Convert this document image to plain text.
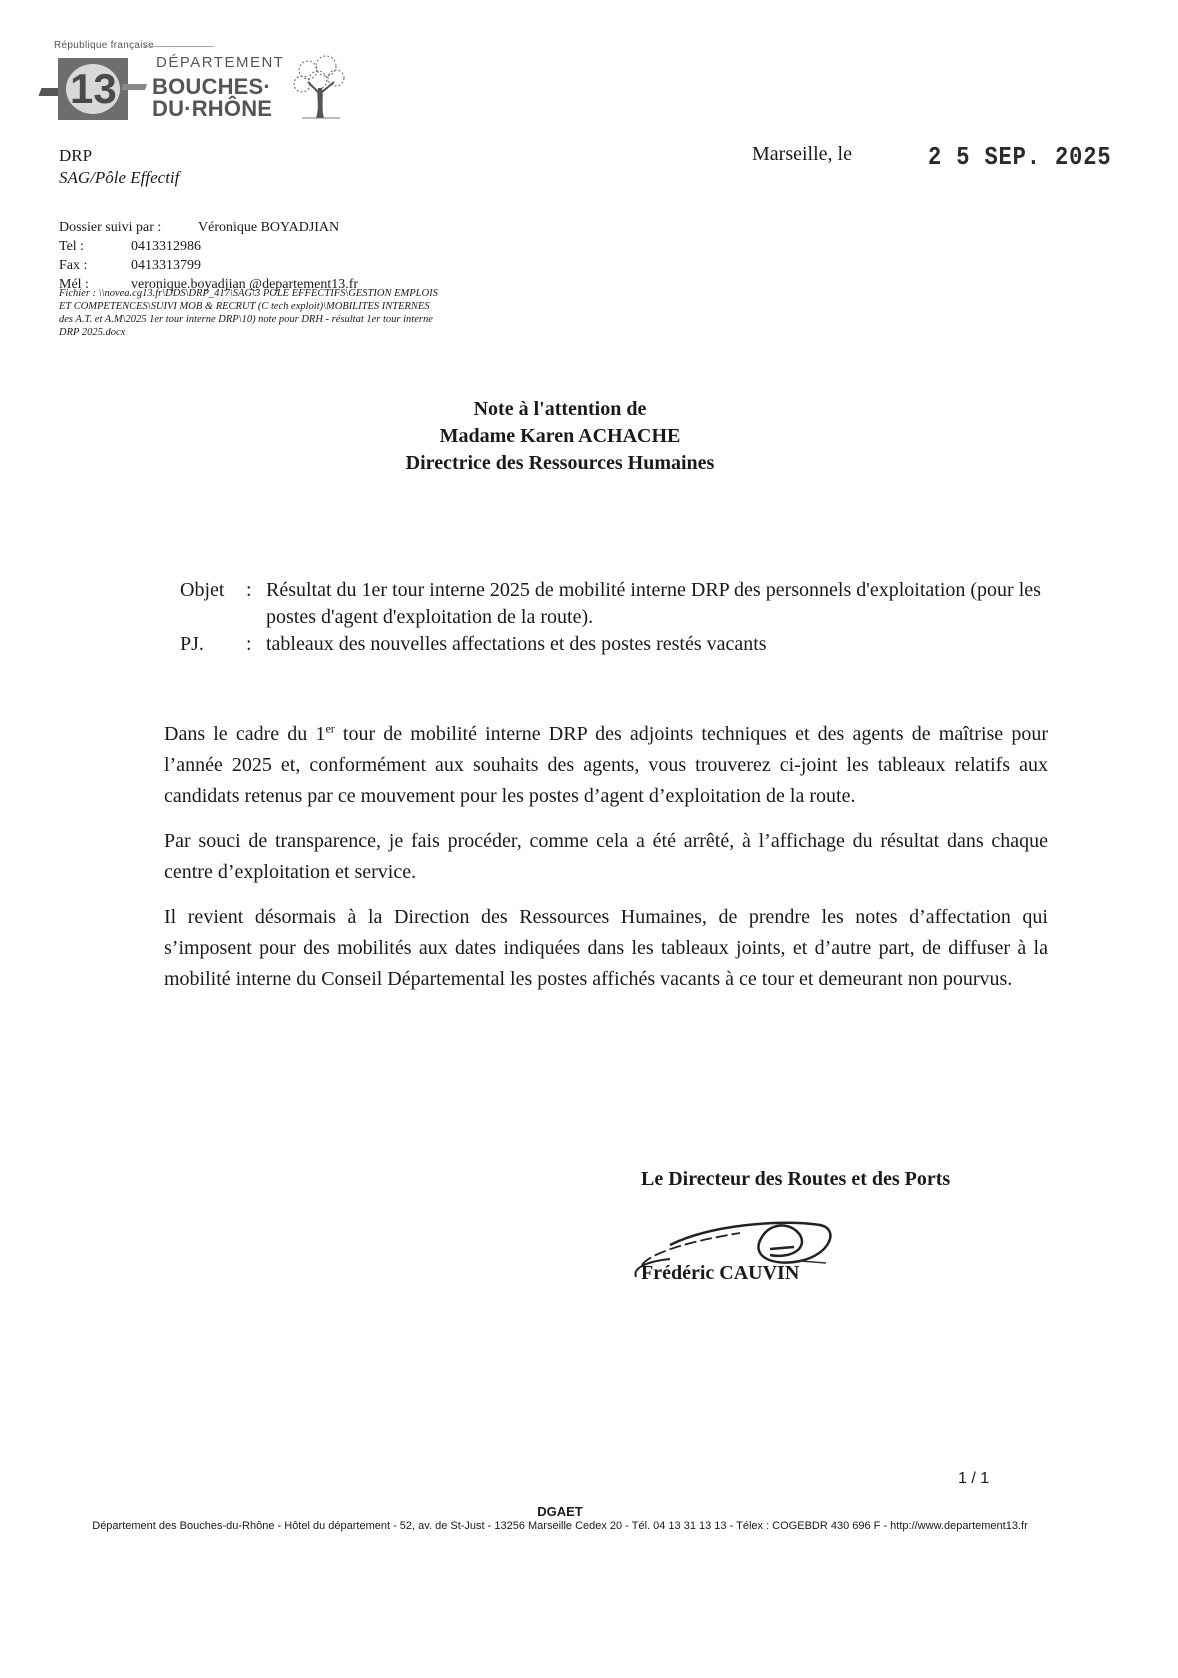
République française
13
DÉPARTEMENT
BOUCHES·
DU·RHÔNE
DRP
SAG/Pôle Effectif
Dossier suivi par :	Véronique BOYADJIAN
Tel :	0413312986
Fax :	0413313799
Mél :	veronique.boyadjian @departement13.fr
Fichier : \\novea.cg13.fr\DDS\DRP_417\SAG\3 POLE EFFECTIFS\GESTION EMPLOIS ET COMPETENCES\SUIVI MOB & RECRUT (C tech exploit)\MOBILITES INTERNES des A.T. et A.M\2025 1er tour interne DRP\10) note pour DRH - résultat 1er tour interne DRP 2025.docx
Marseille, le	2 5 SEP. 2025
Note à l'attention de
Madame Karen ACHACHE
Directrice des Ressources Humaines
Objet	: Résultat du 1er tour interne 2025 de mobilité interne DRP des personnels d'exploitation (pour les postes d'agent d'exploitation de la route).
PJ.	: tableaux des nouvelles affectations et des postes restés vacants

Dans le cadre du 1er tour de mobilité interne DRP des adjoints techniques et des agents de maîtrise pour l’année 2025 et, conformément aux souhaits des agents, vous trouverez ci-joint les tableaux relatifs aux candidats retenus par ce mouvement pour les postes d’agent d’exploitation de la route.

Par souci de transparence, je fais procéder, comme cela a été arrêté, à l’affichage du résultat dans chaque centre d’exploitation et service.

Il revient désormais à la Direction des Ressources Humaines, de prendre les notes d’affectation qui s’imposent pour des mobilités aux dates indiquées dans les tableaux joints, et d’autre part, de diffuser à la mobilité interne du Conseil Départemental les postes affichés vacants à ce tour et demeurant non pourvus.

Le Directeur des Routes et des Ports
Frédéric CAUVIN
1 / 1
DGAET
Département des Bouches-du-Rhône - Hôtel du département - 52, av. de St-Just - 13256 Marseille Cedex 20 - Tél. 04 13 31 13 13 - Télex : COGEBDR 430 696 F - http://www.departement13.fr
